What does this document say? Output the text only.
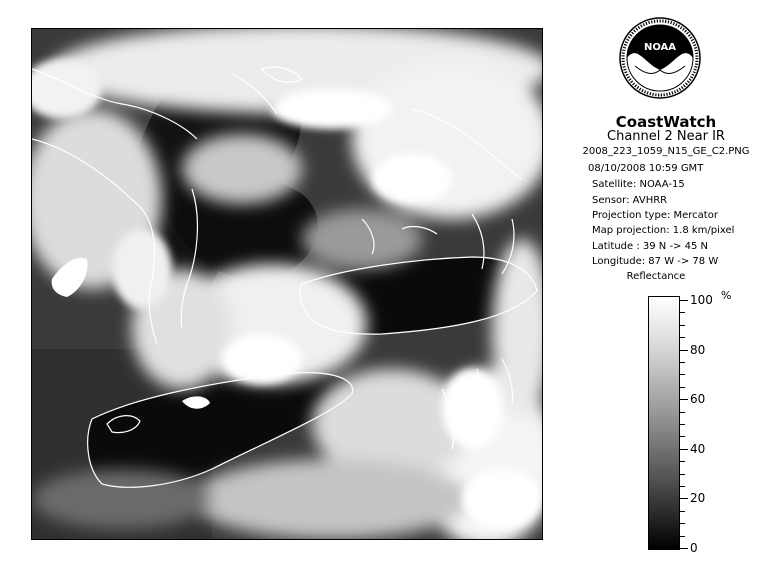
NOAA
CoastWatch
Channel 2 Near IR
2008_223_1059_N15_GE_C2.PNG
08/10/2008 10:59 GMT
Satellite: NOAA-15
Sensor: AVHRR
Projection type: Mercator
Map projection: 1.8 km/pixel
Latitude : 39 N -> 45 N
Longitude: 87 W -> 78 W
Reflectance
%
100
80
60
40
20
0
